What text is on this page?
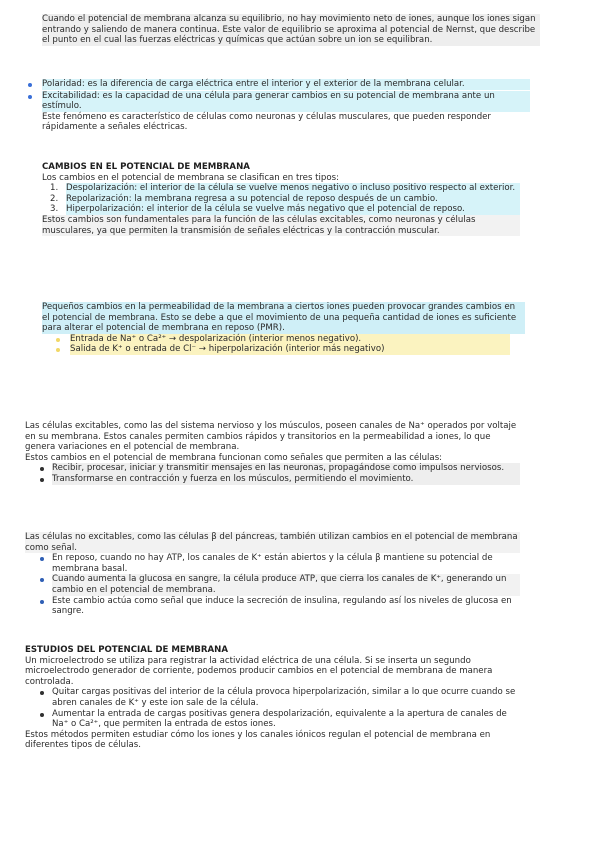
Cuando el potencial de membrana alcanza su equilibrio, no hay movimiento neto de iones, aunque los iones sigan entrando y saliendo de manera continua. Este valor de equilibrio se aproxima al potencial de Nernst, que describe el punto en el cual las fuerzas eléctricas y químicas que actúan sobre un ion se equilibran.

Polaridad: es la diferencia de carga eléctrica entre el interior y el exterior de la membrana celular.

Excitabilidad: es la capacidad de una célula para generar cambios en su potencial de membrana ante un estímulo.

Este fenómeno es característico de células como neuronas y células musculares, que pueden responder rápidamente a señales eléctricas.

CAMBIOS EN EL POTENCIAL DE MEMBRANA

Los cambios en el potencial de membrana se clasifican en tres tipos:

1. Despolarización: el interior de la célula se vuelve menos negativo o incluso positivo respecto al exterior.

2. Repolarización: la membrana regresa a su potencial de reposo después de un cambio.

3. Hiperpolarización: el interior de la célula se vuelve más negativo que el potencial de reposo.

Estos cambios son fundamentales para la función de las células excitables, como neuronas y células musculares, ya que permiten la transmisión de señales eléctricas y la contracción muscular.

Pequeños cambios en la permeabilidad de la membrana a ciertos iones pueden provocar grandes cambios en el potencial de membrana. Esto se debe a que el movimiento de una pequeña cantidad de iones es suficiente para alterar el potencial de membrana en reposo (PMR).

Entrada de Na⁺ o Ca²⁺ → despolarización (interior menos negativo).

Salida de K⁺ o entrada de Cl⁻ → hiperpolarización (interior más negativo)

Las células excitables, como las del sistema nervioso y los músculos, poseen canales de Na⁺ operados por voltaje en su membrana. Estos canales permiten cambios rápidos y transitorios en la permeabilidad a iones, lo que genera variaciones en el potencial de membrana.

Estos cambios en el potencial de membrana funcionan como señales que permiten a las células:

Recibir, procesar, iniciar y transmitir mensajes en las neuronas, propagándose como impulsos nerviosos.

Transformarse en contracción y fuerza en los músculos, permitiendo el movimiento.

Las células no excitables, como las células β del páncreas, también utilizan cambios en el potencial de membrana como señal.

En reposo, cuando no hay ATP, los canales de K⁺ están abiertos y la célula β mantiene su potencial de membrana basal.

Cuando aumenta la glucosa en sangre, la célula produce ATP, que cierra los canales de K⁺, generando un cambio en el potencial de membrana.

Este cambio actúa como señal que induce la secreción de insulina, regulando así los niveles de glucosa en sangre.

ESTUDIOS DEL POTENCIAL DE MEMBRANA

Un microelectrodo se utiliza para registrar la actividad eléctrica de una célula. Si se inserta un segundo microelectrodo generador de corriente, podemos producir cambios en el potencial de membrana de manera controlada.

Quitar cargas positivas del interior de la célula provoca hiperpolarización, similar a lo que ocurre cuando se abren canales de K⁺ y este ion sale de la célula.

Aumentar la entrada de cargas positivas genera despolarización, equivalente a la apertura de canales de Na⁺ o Ca²⁺, que permiten la entrada de estos iones.

Estos métodos permiten estudiar cómo los iones y los canales iónicos regulan el potencial de membrana en diferentes tipos de células.
